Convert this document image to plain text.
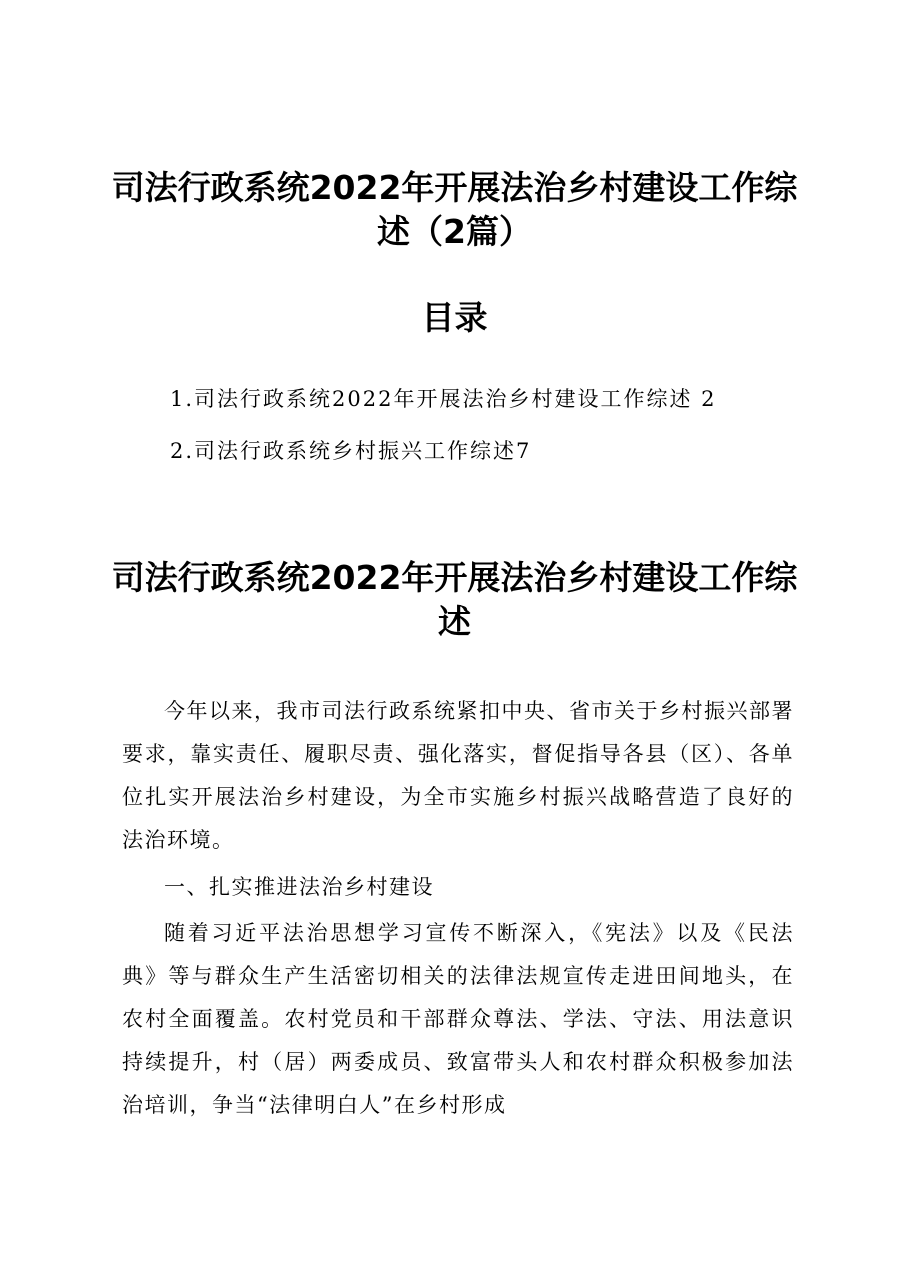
司法行政系统2022年开展法治乡村建设工作综述（2篇）
目录
1.司法行政系统2022年开展法治乡村建设工作综述 2
2.司法行政系统乡村振兴工作综述7
司法行政系统2022年开展法治乡村建设工作综述

今年以来，我市司法行政系统紧扣中央、省市关于乡村振兴部署要求，靠实责任、履职尽责、强化落实，督促指导各县（区）、各单位扎实开展法治乡村建设，为全市实施乡村振兴战略营造了良好的法治环境。

一、扎实推进法治乡村建设

随着习近平法治思想学习宣传不断深入，《宪法》以及《民法典》等与群众生产生活密切相关的法律法规宣传走进田间地头，在农村全面覆盖。农村党员和干部群众尊法、学法、守法、用法意识持续提升，村（居）两委成员、致富带头人和农村群众积极参加法治培训，争当“法律明白人”在乡村形成
